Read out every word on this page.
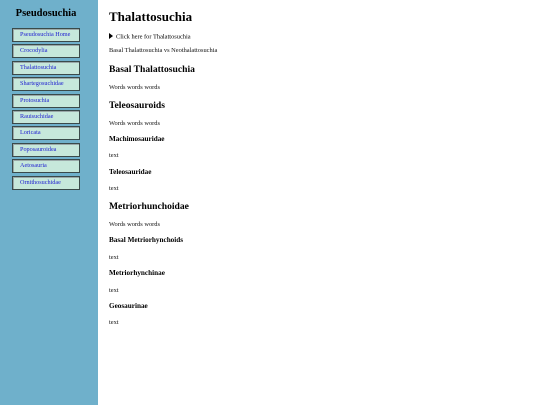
Pseudosuchia
Pseudosuchia Home
Crocodylia
Thalattosuchia
Shartegosuchidae
Protosuchia
Rauisuchidae
Loricata
Poposauroidea
Aetosauria
Ornithosuchidae
Thalattosuchia
Click here for Thalattosuchia
Basal Thalattosuchia vs Neothalattosuchia
Basal Thalattosuchia
Words words words
Teleosauroids
Words words words
Machimosauridae
text
Teleosauridae
text
Metriorhunchoidae
Words words words
Basal Metriorhynchoids
text
Metriorhynchinae
text
Geosaurinae
text
